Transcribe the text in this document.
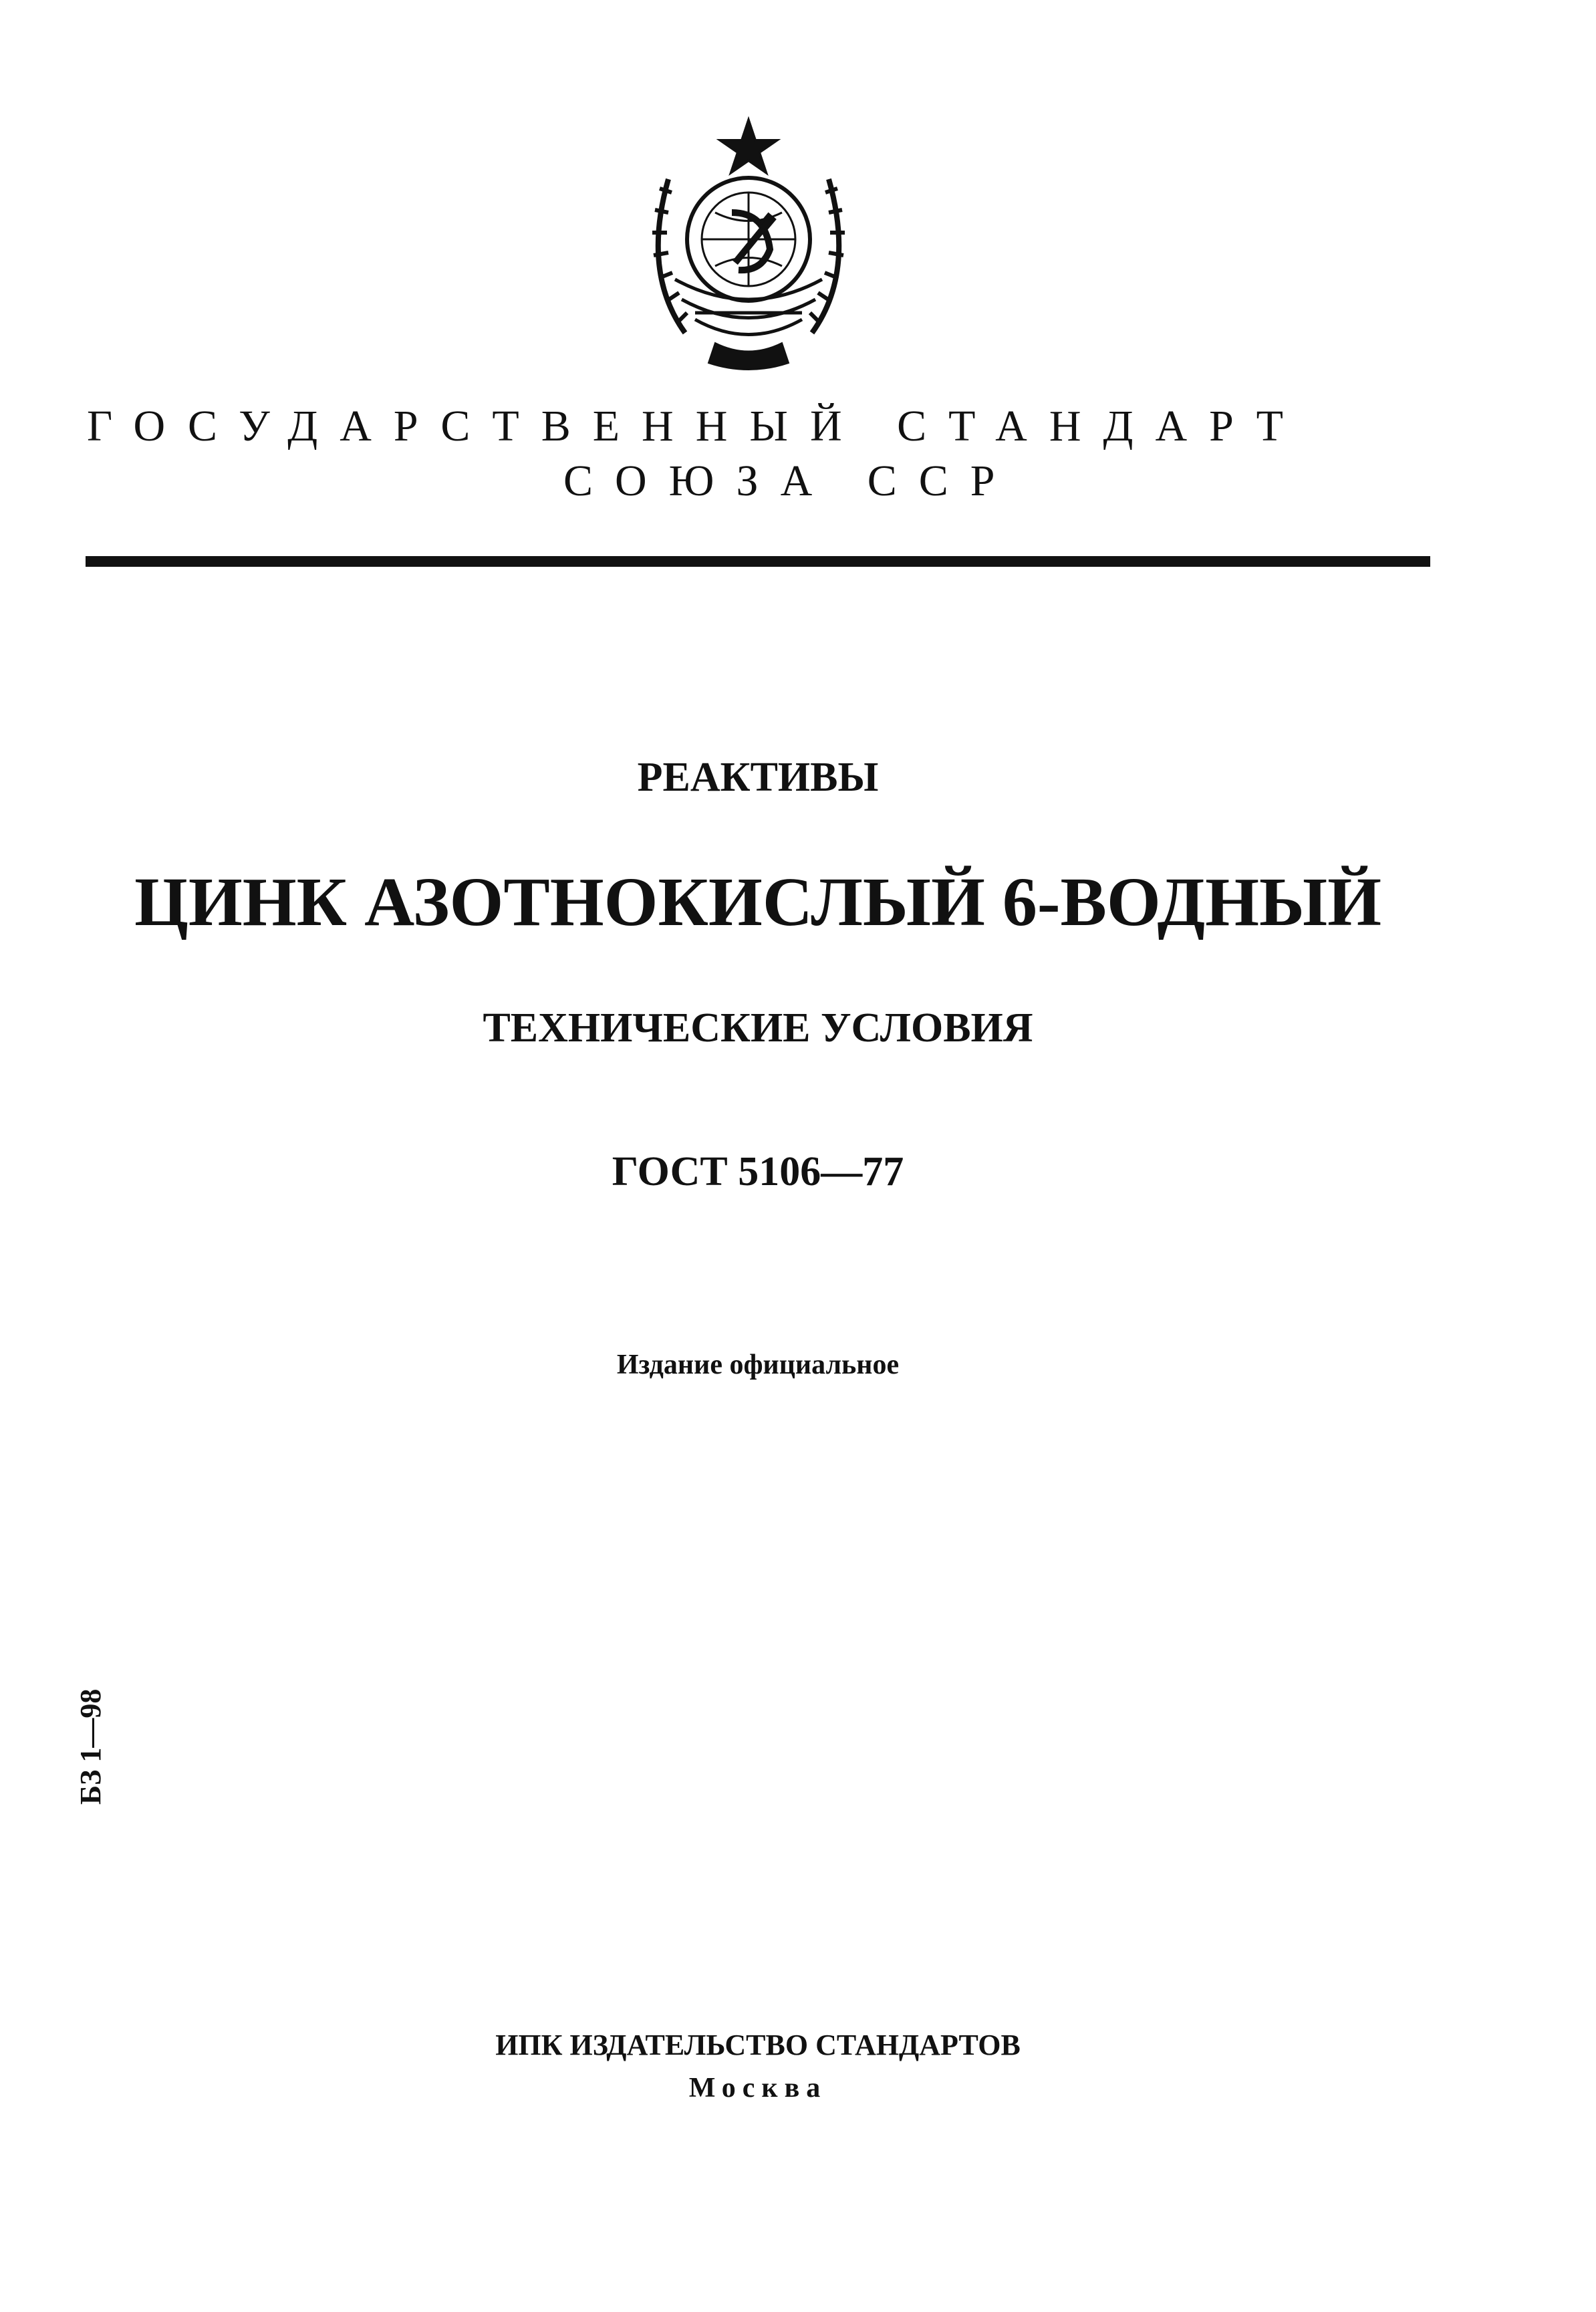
ГОСУДАРСТВЕННЫЙ СТАНДАРТ
СОЮЗА ССР
РЕАКТИВЫ
ЦИНК АЗОТНОКИСЛЫЙ 6-ВОДНЫЙ
ТЕХНИЧЕСКИЕ УСЛОВИЯ
ГОСТ 5106—77
Издание официальное
БЗ 1—98
ИПК ИЗДАТЕЛЬСТВО СТАНДАРТОВ
Москва
